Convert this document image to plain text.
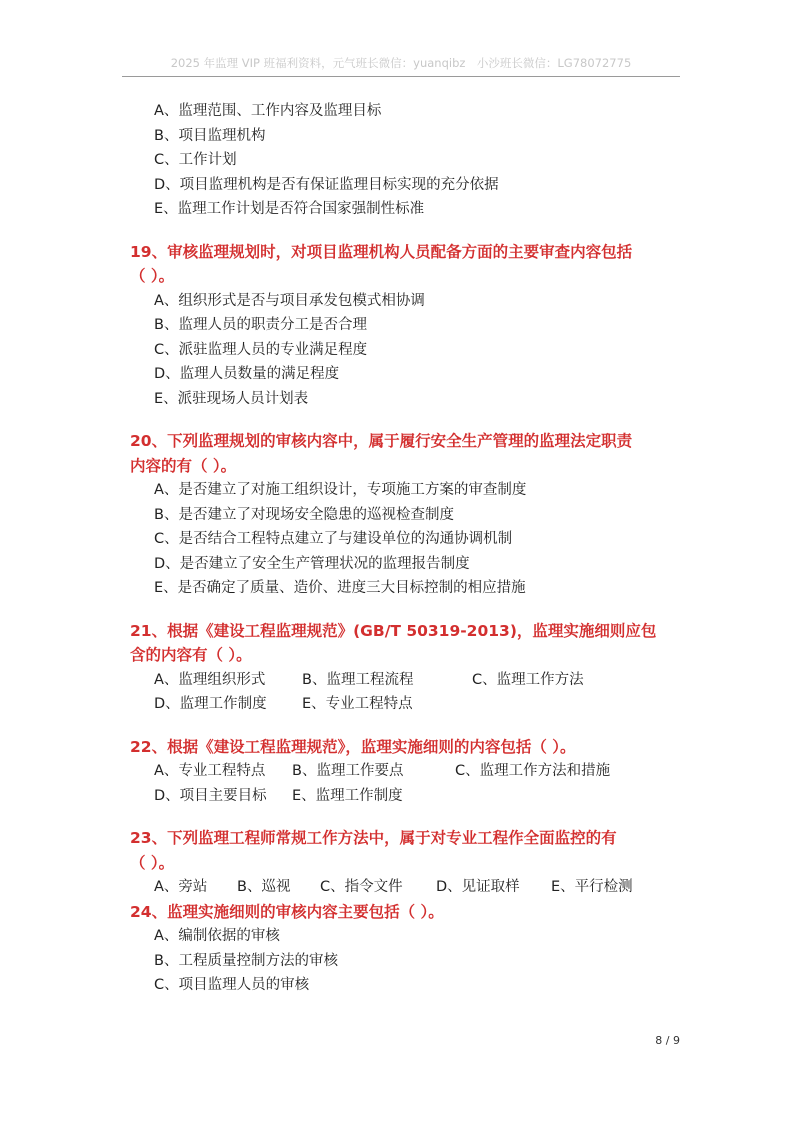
2025 年监理 VIP 班福利资料，元气班长微信：yuanqibz　小沙班长微信：LG78072775
A、监理范围、工作内容及监理目标
B、项目监理机构
C、工作计划
D、项目监理机构是否有保证监理目标实现的充分依据
E、监理工作计划是否符合国家强制性标准
19、审核监理规划时，对项目监理机构人员配备方面的主要审查内容包括
（ ）。
A、组织形式是否与项目承发包模式相协调
B、监理人员的职责分工是否合理
C、派驻监理人员的专业满足程度
D、监理人员数量的满足程度
E、派驻现场人员计划表
20、下列监理规划的审核内容中，属于履行安全生产管理的监理法定职责
内容的有（ ）。
A、是否建立了对施工组织设计，专项施工方案的审查制度
B、是否建立了对现场安全隐患的巡视检查制度
C、是否结合工程特点建立了与建设单位的沟通协调机制
D、是否建立了安全生产管理状况的监理报告制度
E、是否确定了质量、造价、进度三大目标控制的相应措施
21、根据《建设工程监理规范》(GB/T 50319-2013)，监理实施细则应包
含的内容有（ ）。
A、监理组织形式	B、监理工程流程	C、监理工作方法
D、监理工作制度	E、专业工程特点
22、根据《建设工程监理规范》，监理实施细则的内容包括（ ）。
A、专业工程特点	B、监理工作要点	C、监理工作方法和措施
D、项目主要目标	E、监理工作制度
23、下列监理工程师常规工作方法中，属于对专业工程作全面监控的有
（ ）。
A、旁站	B、巡视	C、指令文件	D、见证取样	E、平行检测
24、监理实施细则的审核内容主要包括（ ）。
A、编制依据的审核
B、工程质量控制方法的审核
C、项目监理人员的审核
8 / 9
